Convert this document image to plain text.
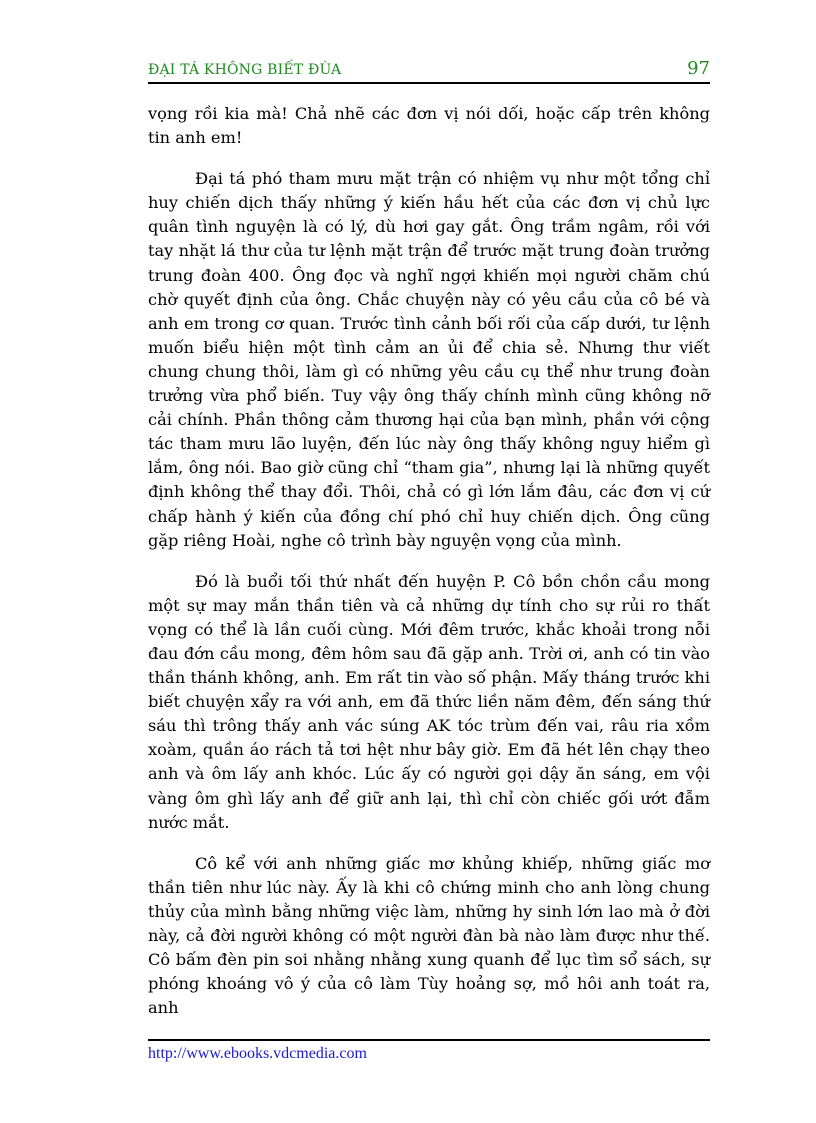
ĐẠI TÁ KHÔNG BIẾT ĐÙA	97

vọng rồi kia mà! Chả nhẽ các đơn vị nói dối, hoặc cấp trên không tin anh em!

Đại tá phó tham mưu mặt trận có nhiệm vụ như một tổng chỉ huy chiến dịch thấy những ý kiến hầu hết của các đơn vị chủ lực quân tình nguyện là có lý, dù hơi gay gắt. Ông trầm ngâm, rồi với tay nhặt lá thư của tư lệnh mặt trận để trước mặt trung đoàn trưởng trung đoàn 400. Ông đọc và nghĩ ngợi khiến mọi người chăm chú chờ quyết định của ông. Chắc chuyện này có yêu cầu của cô bé và anh em trong cơ quan. Trước tình cảnh bối rối của cấp dưới, tư lệnh muốn biểu hiện một tình cảm an ủi để chia sẻ. Nhưng thư viết chung chung thôi, làm gì có những yêu cầu cụ thể như trung đoàn trưởng vừa phổ biến. Tuy vậy ông thấy chính mình cũng không nỡ cải chính. Phần thông cảm thương hại của bạn mình, phần với cộng tác tham mưu lão luyện, đến lúc này ông thấy không nguy hiểm gì lắm, ông nói. Bao giờ cũng chỉ “tham gia”, nhưng lại là những quyết định không thể thay đổi. Thôi, chả có gì lớn lắm đâu, các đơn vị cứ chấp hành ý kiến của đồng chí phó chỉ huy chiến dịch. Ông cũng gặp riêng Hoài, nghe cô trình bày nguyện vọng của mình.

Đó là buổi tối thứ nhất đến huyện P. Cô bồn chồn cầu mong một sự may mắn thần tiên và cả những dự tính cho sự rủi ro thất vọng có thể là lần cuối cùng. Mới đêm trước, khắc khoải trong nỗi đau đớn cầu mong, đêm hôm sau đã gặp anh. Trời ơi, anh có tin vào thần thánh không, anh. Em rất tin vào số phận. Mấy tháng trước khi biết chuyện xẩy ra với anh, em đã thức liền năm đêm, đến sáng thứ sáu thì trông thấy anh vác súng AK tóc trùm đến vai, râu ria xồm xoàm, quần áo rách tả tơi hệt như bây giờ. Em đã hét lên chạy theo anh và ôm lấy anh khóc. Lúc ấy có người gọi dậy ăn sáng, em vội vàng ôm ghì lấy anh để giữ anh lại, thì chỉ còn chiếc gối ướt đẫm nước mắt.

Cô kể với anh những giấc mơ khủng khiếp, những giấc mơ thần tiên như lúc này. Ấy là khi cô chứng minh cho anh lòng chung thủy của mình bằng những việc làm, những hy sinh lớn lao mà ở đời này, cả đời người không có một người đàn bà nào làm được như thế. Cô bấm đèn pin soi nhằng nhằng xung quanh để lục tìm sổ sách, sự phóng khoáng vô ý của cô làm Tùy hoảng sợ, mồ hôi anh toát ra, anh

http://www.ebooks.vdcmedia.com
